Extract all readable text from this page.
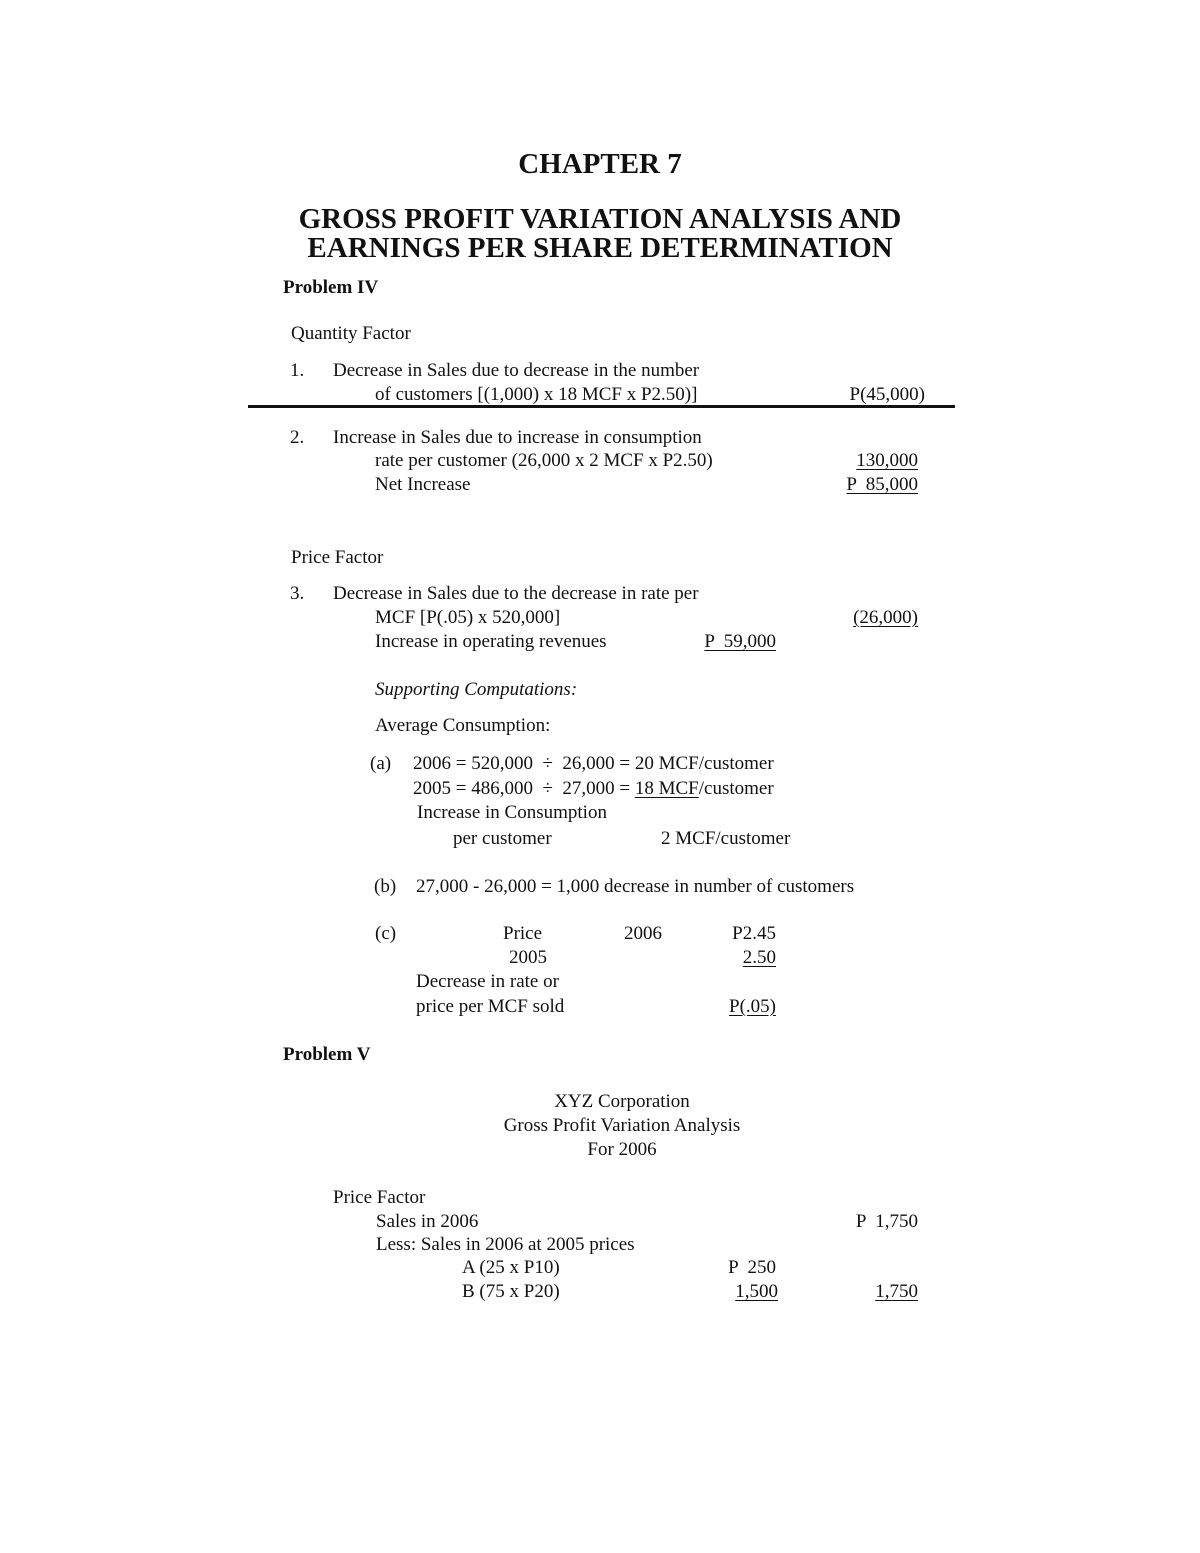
CHAPTER 7
GROSS PROFIT VARIATION ANALYSIS AND
EARNINGS PER SHARE DETERMINATION
Problem IV
Quantity Factor
1. Decrease in Sales due to decrease in the number
of customers [(1,000) x 18 MCF x P2.50)]	P(45,000)
2. Increase in Sales due to increase in consumption
rate per customer (26,000 x 2 MCF x P2.50)	130,000
Net Increase	P  85,000
Price Factor
3. Decrease in Sales due to the decrease in rate per
MCF [P(.05) x 520,000]	(26,000)
Increase in operating revenues	P  59,000
Supporting Computations:
Average Consumption:
(a) 2006 = 520,000  ÷  26,000 = 20 MCF/customer
2005 = 486,000  ÷  27,000 = 18 MCF/customer
Increase in Consumption
per customer	2 MCF/customer
(b) 27,000 - 26,000 = 1,000 decrease in number of customers
(c)	Price	2006	P2.45
2005	2.50
Decrease in rate or
price per MCF sold	P(.05)
Problem V
XYZ Corporation
Gross Profit Variation Analysis
For 2006
Price Factor
Sales in 2006	P  1,750
Less: Sales in 2006 at 2005 prices
A (25 x P10)	P  250
B (75 x P20)	1,500	1,750
